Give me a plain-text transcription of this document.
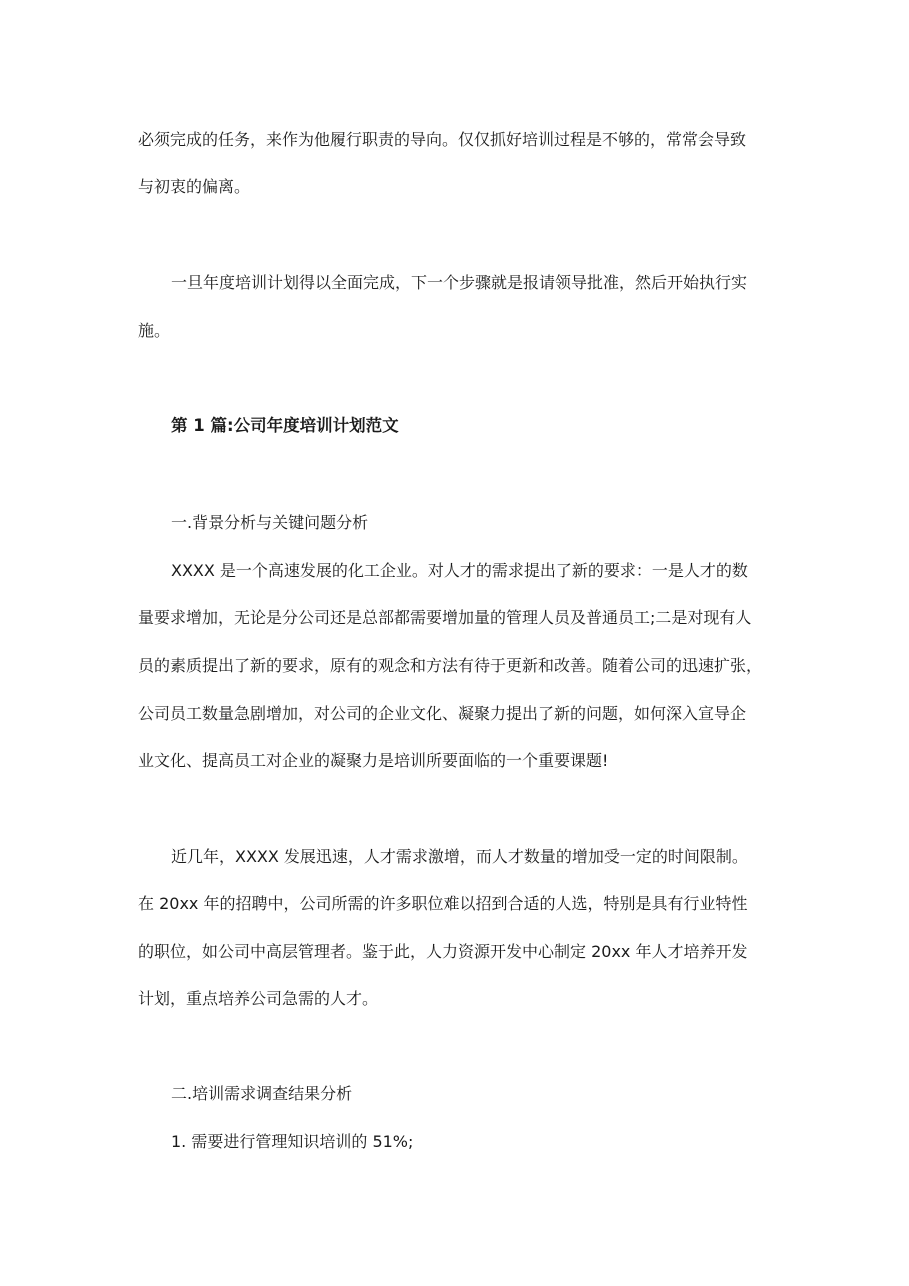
必须完成的任务，来作为他履行职责的导向。仅仅抓好培训过程是不够的，常常会导致
与初衷的偏离。
一旦年度培训计划得以全面完成，下一个步骤就是报请领导批准，然后开始执行实
施。
第 1 篇:公司年度培训计划范文
一.背景分析与关键问题分析
XXXX 是一个高速发展的化工企业。对人才的需求提出了新的要求：一是人才的数
量要求增加，无论是分公司还是总部都需要增加量的管理人员及普通员工;二是对现有人
员的素质提出了新的要求，原有的观念和方法有待于更新和改善。随着公司的迅速扩张，
公司员工数量急剧增加，对公司的企业文化、凝聚力提出了新的问题，如何深入宣导企
业文化、提高员工对企业的凝聚力是培训所要面临的一个重要课题!
近几年，XXXX 发展迅速，人才需求激增，而人才数量的增加受一定的时间限制。
在 20xx 年的招聘中，公司所需的许多职位难以招到合适的人选，特别是具有行业特性
的职位，如公司中高层管理者。鉴于此，人力资源开发中心制定 20xx 年人才培养开发
计划，重点培养公司急需的人才。
二.培训需求调查结果分析
1. 需要进行管理知识培训的 51%;
